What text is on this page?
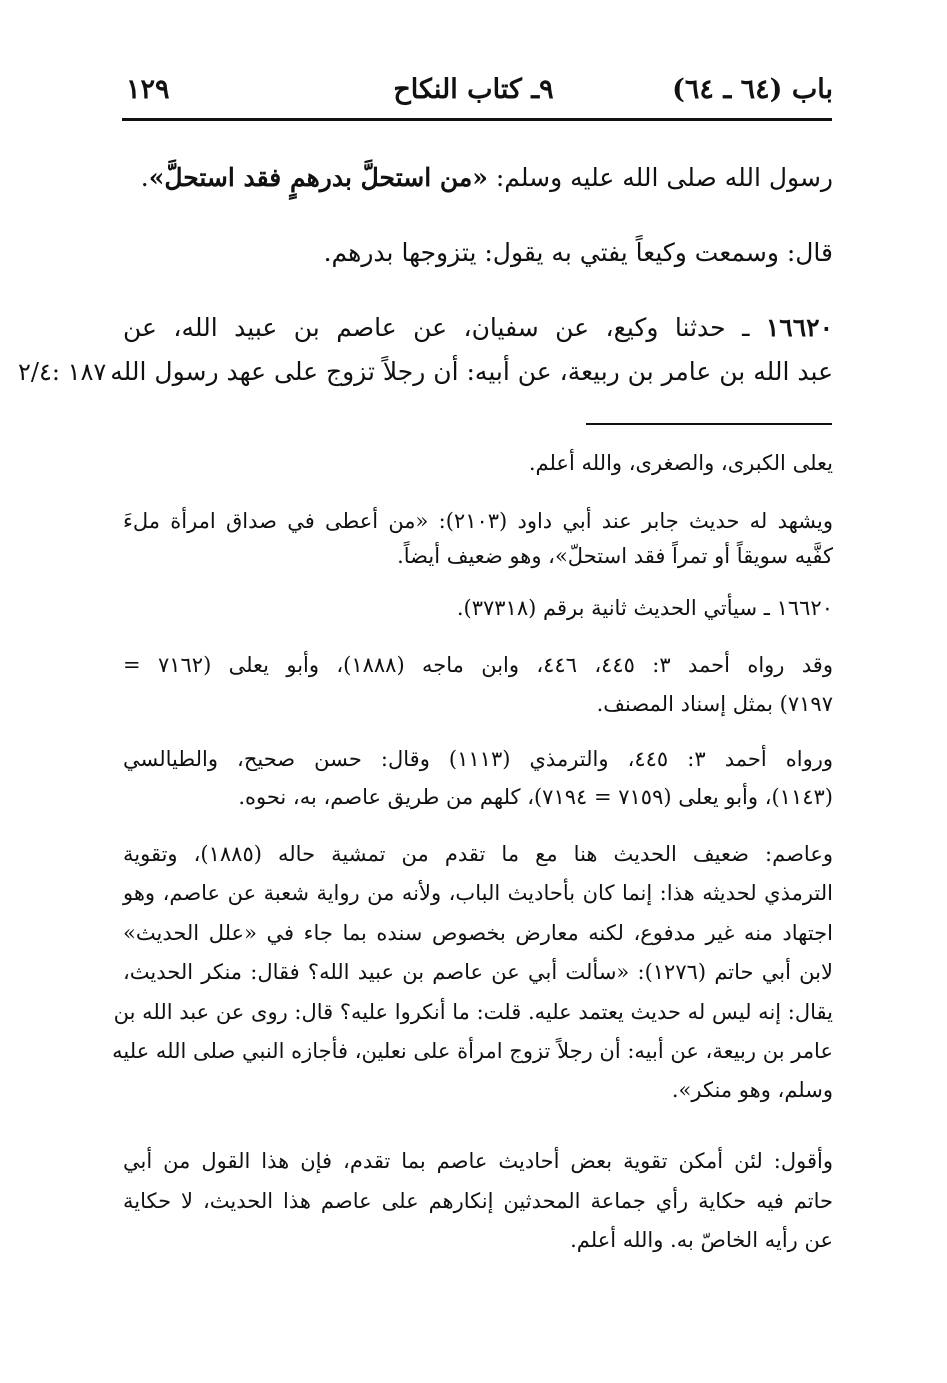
باب (٦٤ ـ ٦٤)
٩ـ كتاب النكاح
١٢٩
رسول الله صلى الله عليه وسلم: «من استحلَّ بدرهمٍ فقد استحلَّ».
قال: وسمعت وكيعاً يفتي به يقول: يتزوجها بدرهم.
١٦٦٢٠ ـ حدثنا وكيع، عن سفيان، عن عاصم بن عبيد الله، عن
عبد الله بن عامر بن ربيعة، عن أبيه: أن رجلاً تزوج على عهد رسول الله
١٨٧ :٢/٤
يعلى الكبرى، والصغرى، والله أعلم.
ويشهد له حديث جابر عند أبي داود (٢١٠٣): «من أعطى في صداق امرأة ملءَ
كفَّيه سويقاً أو تمراً فقد استحلّ»، وهو ضعيف أيضاً.
١٦٦٢٠ ـ سيأتي الحديث ثانية برقم (٣٧٣١٨).
وقد رواه أحمد ٣: ٤٤٥، ٤٤٦، وابن ماجه (١٨٨٨)، وأبو يعلى (٧١٦٢ =
٧١٩٧) بمثل إسناد المصنف.
ورواه أحمد ٣: ٤٤٥، والترمذي (١١١٣) وقال: حسن صحيح، والطيالسي
(١١٤٣)، وأبو يعلى (٧١٥٩ = ٧١٩٤)، كلهم من طريق عاصم، به، نحوه.
وعاصم: ضعيف الحديث هنا مع ما تقدم من تمشية حاله (١٨٨٥)، وتقوية
الترمذي لحديثه هذا: إنما كان بأحاديث الباب، ولأنه من رواية شعبة عن عاصم، وهو
اجتهاد منه غير مدفوع، لكنه معارض بخصوص سنده بما جاء في «علل الحديث»
لابن أبي حاتم (١٢٧٦): «سألت أبي عن عاصم بن عبيد الله؟ فقال: منكر الحديث،
يقال: إنه ليس له حديث يعتمد عليه. قلت: ما أنكروا عليه؟ قال: روى عن عبد الله بن
عامر بن ربيعة، عن أبيه: أن رجلاً تزوج امرأة على نعلين، فأجازه النبي صلى الله عليه
وسلم، وهو منكر».
وأقول: لئن أمكن تقوية بعض أحاديث عاصم بما تقدم، فإن هذا القول من أبي
حاتم فيه حكاية رأي جماعة المحدثين إنكارهم على عاصم هذا الحديث، لا حكاية
عن رأيه الخاصّ به. والله أعلم.
